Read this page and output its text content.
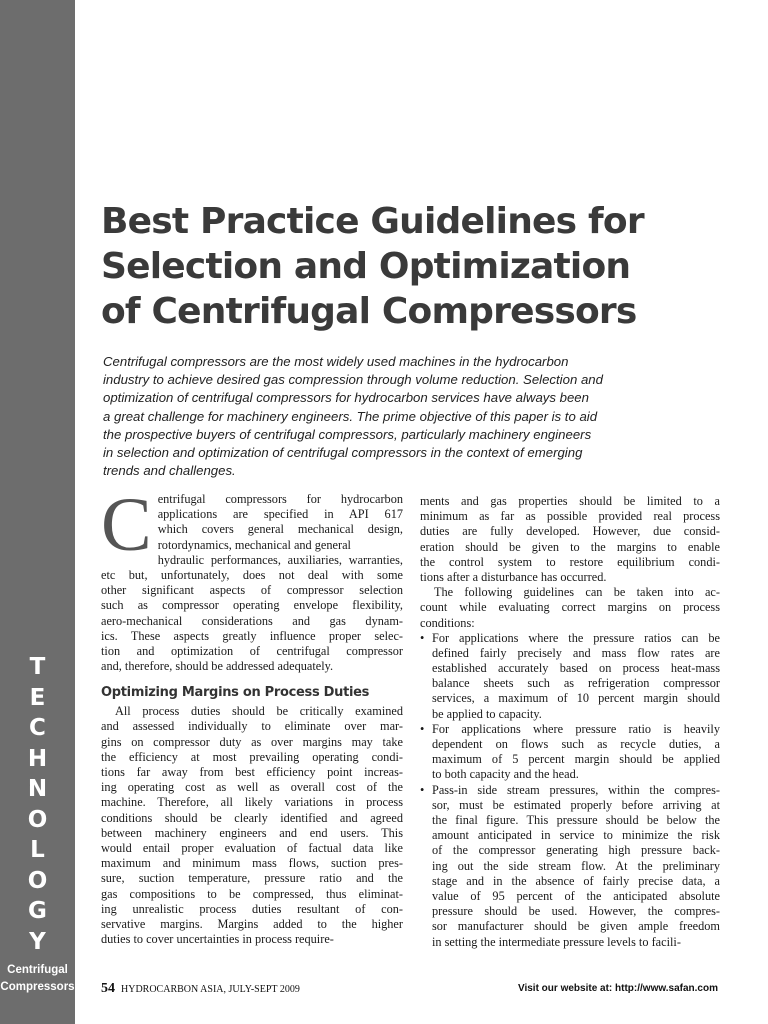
T
E
C
H
N
O
L
O
G
Y
Centrifugal
Compressors
Best Practice Guidelines for
Selection and Optimization
of Centrifugal Compressors
Centrifugal compressors are the most widely used machines in the hydrocarbon
industry to achieve desired gas compression through volume reduction. Selection and
optimization of centrifugal compressors for hydrocarbon services have always been
a great challenge for machinery engineers. The prime objective of this paper is to aid
the prospective buyers of centrifugal compressors, particularly machinery engineers
in selection and optimization of centrifugal compressors in the context of emerging
trends and challenges.

C entrifugal compressors for hydrocarbon
applications are specified in API 617
which covers general mechanical design,
rotordynamics, mechanical and general
hydraulic performances, auxiliaries, warranties,
etc but, unfortunately, does not deal with some
other significant aspects of compressor selection
such as compressor operating envelope flexibility,
aero-mechanical considerations and gas dynam-
ics. These aspects greatly influence proper selec-
tion and optimization of centrifugal compressor
and, therefore, should be addressed adequately.

Optimizing Margins on Process Duties

All process duties should be critically examined
and assessed individually to eliminate over mar-
gins on compressor duty as over margins may take
the efficiency at most prevailing operating condi-
tions far away from best efficiency point increas-
ing operating cost as well as overall cost of the
machine. Therefore, all likely variations in process
conditions should be clearly identified and agreed
between machinery engineers and end users. This
would entail proper evaluation of factual data like
maximum and minimum mass flows, suction pres-
sure, suction temperature, pressure ratio and the
gas compositions to be compressed, thus eliminat-
ing unrealistic process duties resultant of con-
servative margins. Margins added to the higher
duties to cover uncertainties in process require-

ments and gas properties should be limited to a
minimum as far as possible provided real process
duties are fully developed. However, due consid-
eration should be given to the margins to enable
the control system to restore equilibrium condi-
tions after a disturbance has occurred.

The following guidelines can be taken into ac-
count while evaluating correct margins on process
conditions:

• For applications where the pressure ratios can be
defined fairly precisely and mass flow rates are
established accurately based on process heat-mass
balance sheets such as refrigeration compressor
services, a maximum of 10 percent margin should
be applied to capacity.
• For applications where pressure ratio is heavily
dependent on flows such as recycle duties, a
maximum of 5 percent margin should be applied
to both capacity and the head.
• Pass-in side stream pressures, within the compres-
sor, must be estimated properly before arriving at
the final figure. This pressure should be below the
amount anticipated in service to minimize the risk
of the compressor generating high pressure back-
ing out the side stream flow. At the preliminary
stage and in the absence of fairly precise data, a
value of 95 percent of the anticipated absolute
pressure should be used. However, the compres-
sor manufacturer should be given ample freedom
in setting the intermediate pressure levels to facili-
54 HYDROCARBON ASIA, JULY-SEPT 2009	Visit our website at: http://www.safan.com
